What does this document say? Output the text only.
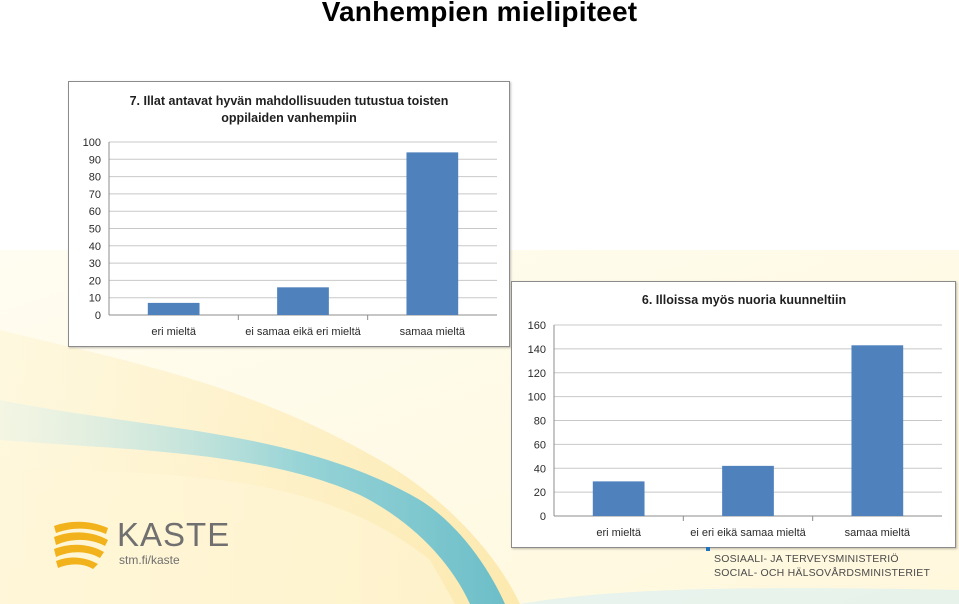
Vanhempien mielipiteet
7. Illat antavat hyvän mahdollisuuden tutustua toisten
oppilaiden vanhempiin
0
10
20
30
40
50
60
70
80
90
100
eri mieltä	ei samaa eikä eri mieltä	samaa mieltä
6. Illoissa myös nuoria kuunneltiin
0
20
40
60
80
100
120
140
160
eri mieltä	ei eri eikä samaa mieltä	samaa mieltä
KASTE
stm.fi/kaste	SOSIAALI- JA TERVEYSMINISTERIÖ
SOCIAL- OCH HÄLSOVÅRDSMINISTERIET
